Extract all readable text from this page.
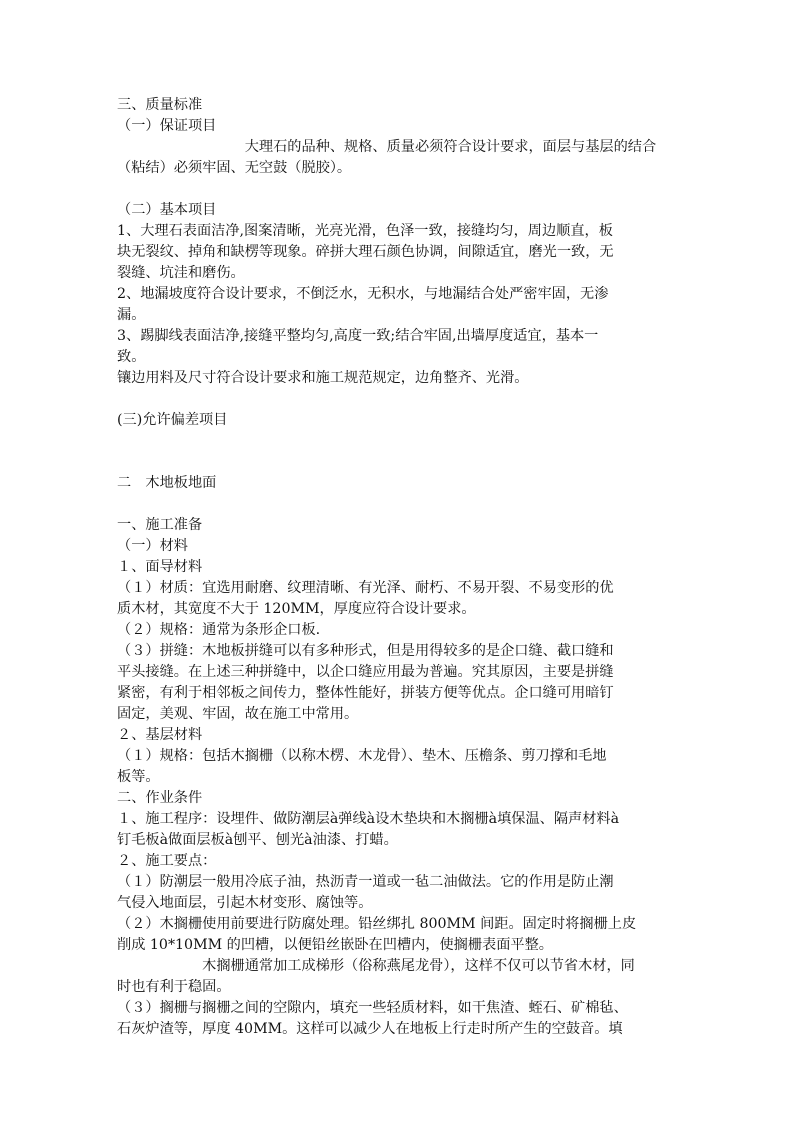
三、质量标准
（一）保证项目
　　　　　　　　　大理石的品种、规格、质量必须符合设计要求，面层与基层的结合
（粘结）必须牢固、无空鼓（脱胶）。
（二）基本项目
1、大理石表面洁净,图案清晰，光亮光滑，色泽一致，接缝均匀，周边顺直，板
块无裂纹、掉角和缺楞等现象。碎拼大理石颜色协调，间隙适宜，磨光一致，无
裂缝、坑洼和磨伤。
2、地漏坡度符合设计要求，不倒泛水，无积水，与地漏结合处严密牢固，无渗
漏。
3、踢脚线表面洁净,接缝平整均匀,高度一致;结合牢固,出墙厚度适宜，基本一
致。
镶边用料及尺寸符合设计要求和施工规范规定，边角整齐、光滑。
(三)允许偏差项目
二　木地板地面
一、施工准备
（一）材料
１、面导材料
（１）材质：宜选用耐磨、纹理清晰、有光泽、耐朽、不易开裂、不易变形的优
质木材，其宽度不大于 120MM，厚度应符合设计要求。
（２）规格：通常为条形企口板.
（３）拼缝：木地板拼缝可以有多种形式，但是用得较多的是企口缝、截口缝和
平头接缝。在上述三种拼缝中，以企口缝应用最为普遍。究其原因，主要是拼缝
紧密，有利于相邻板之间传力，整体性能好，拼装方便等优点。企口缝可用暗钉
固定，美观、牢固，故在施工中常用。
２、基层材料
（１）规格：包括木搁栅（以称木楞、木龙骨）、垫木、压檐条、剪刀撑和毛地
板等。
二、作业条件
１、施工程序：设埋件、做防潮层à弹线à设木垫块和木搁栅à填保温、隔声材料à
钉毛板à做面层板à刨平、刨光à油漆、打蜡。
２、施工要点：
（１）防潮层一般用冷底子油，热沥青一道或一毡二油做法。它的作用是防止潮
气侵入地面层，引起木材变形、腐蚀等。
（２）木搁栅使用前要进行防腐处理。铅丝绑扎 800MM 间距。固定时将搁栅上皮
削成 10*10MM 的凹槽，以便铅丝嵌卧在凹槽内，使搁栅表面平整。
　　　　　　木搁栅通常加工成梯形（俗称燕尾龙骨），这样不仅可以节省木材，同
时也有利于稳固。
（３）搁栅与搁栅之间的空隙内，填充一些轻质材料，如干焦渣、蛭石、矿棉毡、
石灰炉渣等，厚度 40MM。这样可以减少人在地板上行走时所产生的空鼓音。填
